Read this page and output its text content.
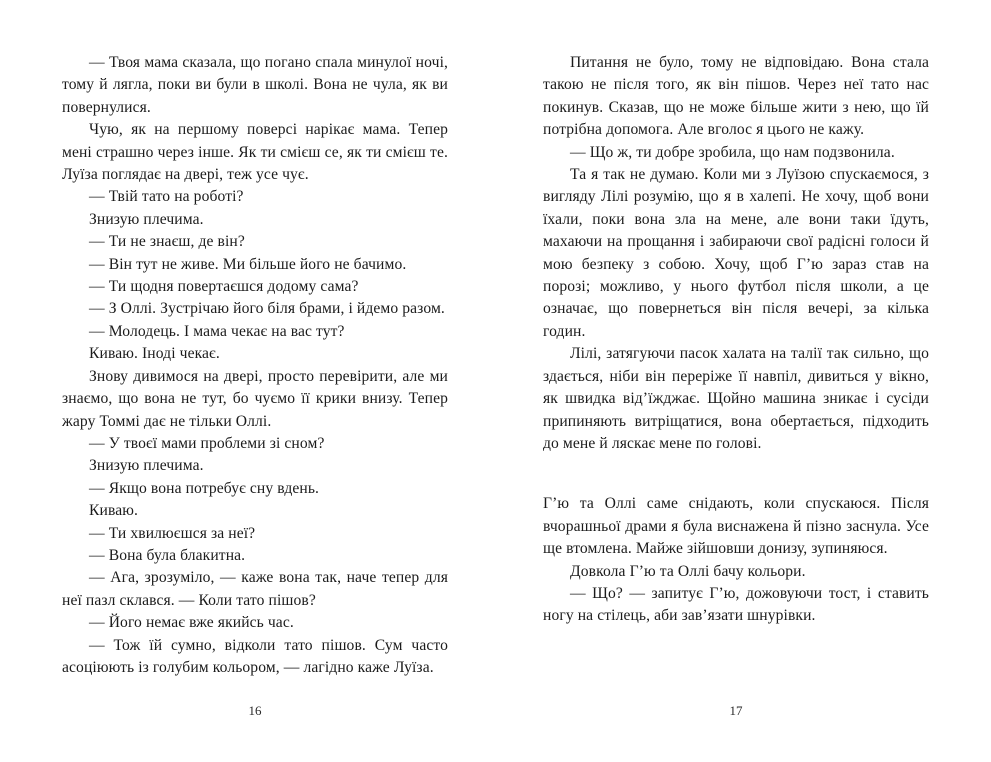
— Твоя мама сказала, що погано спала минулої ночі, тому й лягла, поки ви були в школі. Вона не чула, як ви повернулися.

Чую, як на першому поверсі нарікає мама. Тепер мені страшно через інше. Як ти смієш се, як ти смієш те. Луїза поглядає на двері, теж усе чує.

— Твій тато на роботі?

Знизую плечима.

— Ти не знаєш, де він?

— Він тут не живе. Ми більше його не бачимо.

— Ти щодня повертаєшся додому сама?

— З Оллі. Зустрічаю його біля брами, і йдемо разом.

— Молодець. І мама чекає на вас тут?

Киваю. Іноді чекає.

Знову дивимося на двері, просто перевірити, але ми знаємо, що вона не тут, бо чуємо її крики внизу. Тепер жару Томмі дає не тільки Оллі.

— У твоєї мами проблеми зі сном?

Знизую плечима.

— Якщо вона потребує сну вдень.

Киваю.

— Ти хвилюєшся за неї?

— Вона була блакитна.

— Ага, зрозуміло, — каже вона так, наче тепер для неї пазл склався. — Коли тато пішов?

— Його немає вже якийсь час.

— Тож їй сумно, відколи тато пішов. Сум часто асоціюють із голубим кольором, — лагідно каже Луїза.

Питання не було, тому не відповідаю. Вона стала такою не після того, як він пішов. Через неї тато нас покинув. Сказав, що не може більше жити з нею, що їй потрібна допомога. Але вголос я цього не кажу.

— Що ж, ти добре зробила, що нам подзвонила.

Та я так не думаю. Коли ми з Луїзою спускаємося, з вигляду Лілі розумію, що я в халепі. Не хочу, щоб вони їхали, поки вона зла на мене, але вони таки їдуть, махаючи на прощання і забираючи свої радісні голоси й мою безпеку з собою. Хочу, щоб Г’ю зараз став на порозі; можливо, у нього футбол після школи, а це означає, що повернеться він після вечері, за кілька годин.

Лілі, затягуючи пасок халата на талії так сильно, що здається, ніби він переріже її навпіл, дивиться у вікно, як швидка від’їжджає. Щойно машина зникає і сусіди припиняють витріщатися, вона обертається, підходить до мене й ляскає мене по голові.

Г’ю та Оллі саме снідають, коли спускаюся. Після вчорашньої драми я була виснажена й пізно заснула. Усе ще втомлена. Майже зійшовши донизу, зупиняюся.

Довкола Г’ю та Оллі бачу кольори.

— Що? — запитує Г’ю, дожовуючи тост, і ставить ногу на стілець, аби зав’язати шнурівки.

16	17
